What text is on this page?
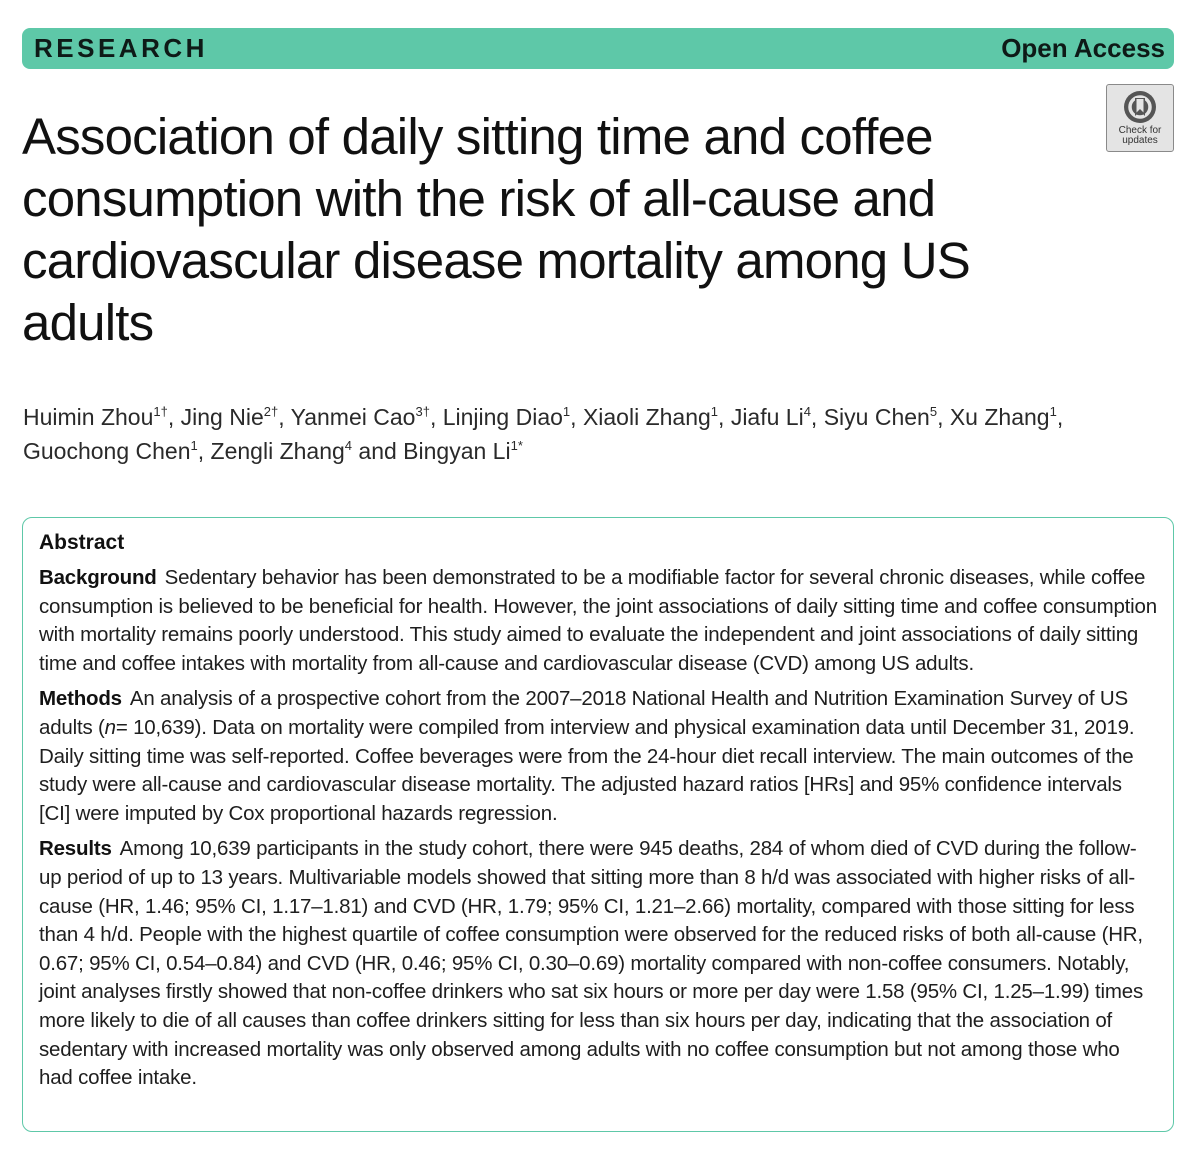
RESEARCH	Open Access
Check for
updates
Association of daily sitting time and coffee consumption with the risk of all-cause and cardiovascular disease mortality among US adults

Huimin Zhou$^{1\dagger}$, Jing Nie$^{2\dagger}$, Yanmei Cao$^{3\dagger}$, Linjing Diao$^1$, Xiaoli Zhang$^1$, Jiafu Li$^4$, Siyu Chen$^5$, Xu Zhang$^1$,
Guochong Chen$^1$, Zengli Zhang$^4$ and Bingyan $Li^{1*}$

Abstract

Background Sedentary behavior has been demonstrated to be a modifiable factor for several chronic diseases, while coffee consumption is believed to be beneficial for health. However, the joint associations of daily sitting time and coffee consumption with mortality remains poorly understood. This study aimed to evaluate the independent and joint associations of daily sitting time and coffee intakes with mortality from all-cause and cardiovascular disease (CVD) among US adults.

Methods An analysis of a prospective cohort from the 2007–2018 National Health and Nutrition Examination Survey of US adults (n= 10,639). Data on mortality were compiled from interview and physical examination data until December 31, 2019. Daily sitting time was self-reported. Coffee beverages were from the 24-hour diet recall interview. The main outcomes of the study were all-cause and cardiovascular disease mortality. The adjusted hazard ratios [HRs] and 95% confidence intervals [CI] were imputed by Cox proportional hazards regression.

Results Among 10,639 participants in the study cohort, there were 945 deaths, 284 of whom died of CVD during the follow-up period of up to 13 years. Multivariable models showed that sitting more than 8 h/d was associated with higher risks of all-cause (HR, 1.46; 95% CI, 1.17–1.81) and CVD (HR, 1.79; 95% CI, 1.21–2.66) mortality, compared with those sitting for less than 4 h/d. People with the highest quartile of coffee consumption were observed for the reduced risks of both all-cause (HR, 0.67; 95% CI, 0.54–0.84) and CVD (HR, 0.46; 95% CI, 0.30–0.69) mortality compared with non-coffee consumers. Notably, joint analyses firstly showed that non-coffee drinkers who sat six hours or more per day were 1.58 (95% CI, 1.25–1.99) times more likely to die of all causes than coffee drinkers sitting for less than six hours per day, indicating that the association of sedentary with increased mortality was only observed among adults with no coffee consumption but not among those who had coffee intake.
